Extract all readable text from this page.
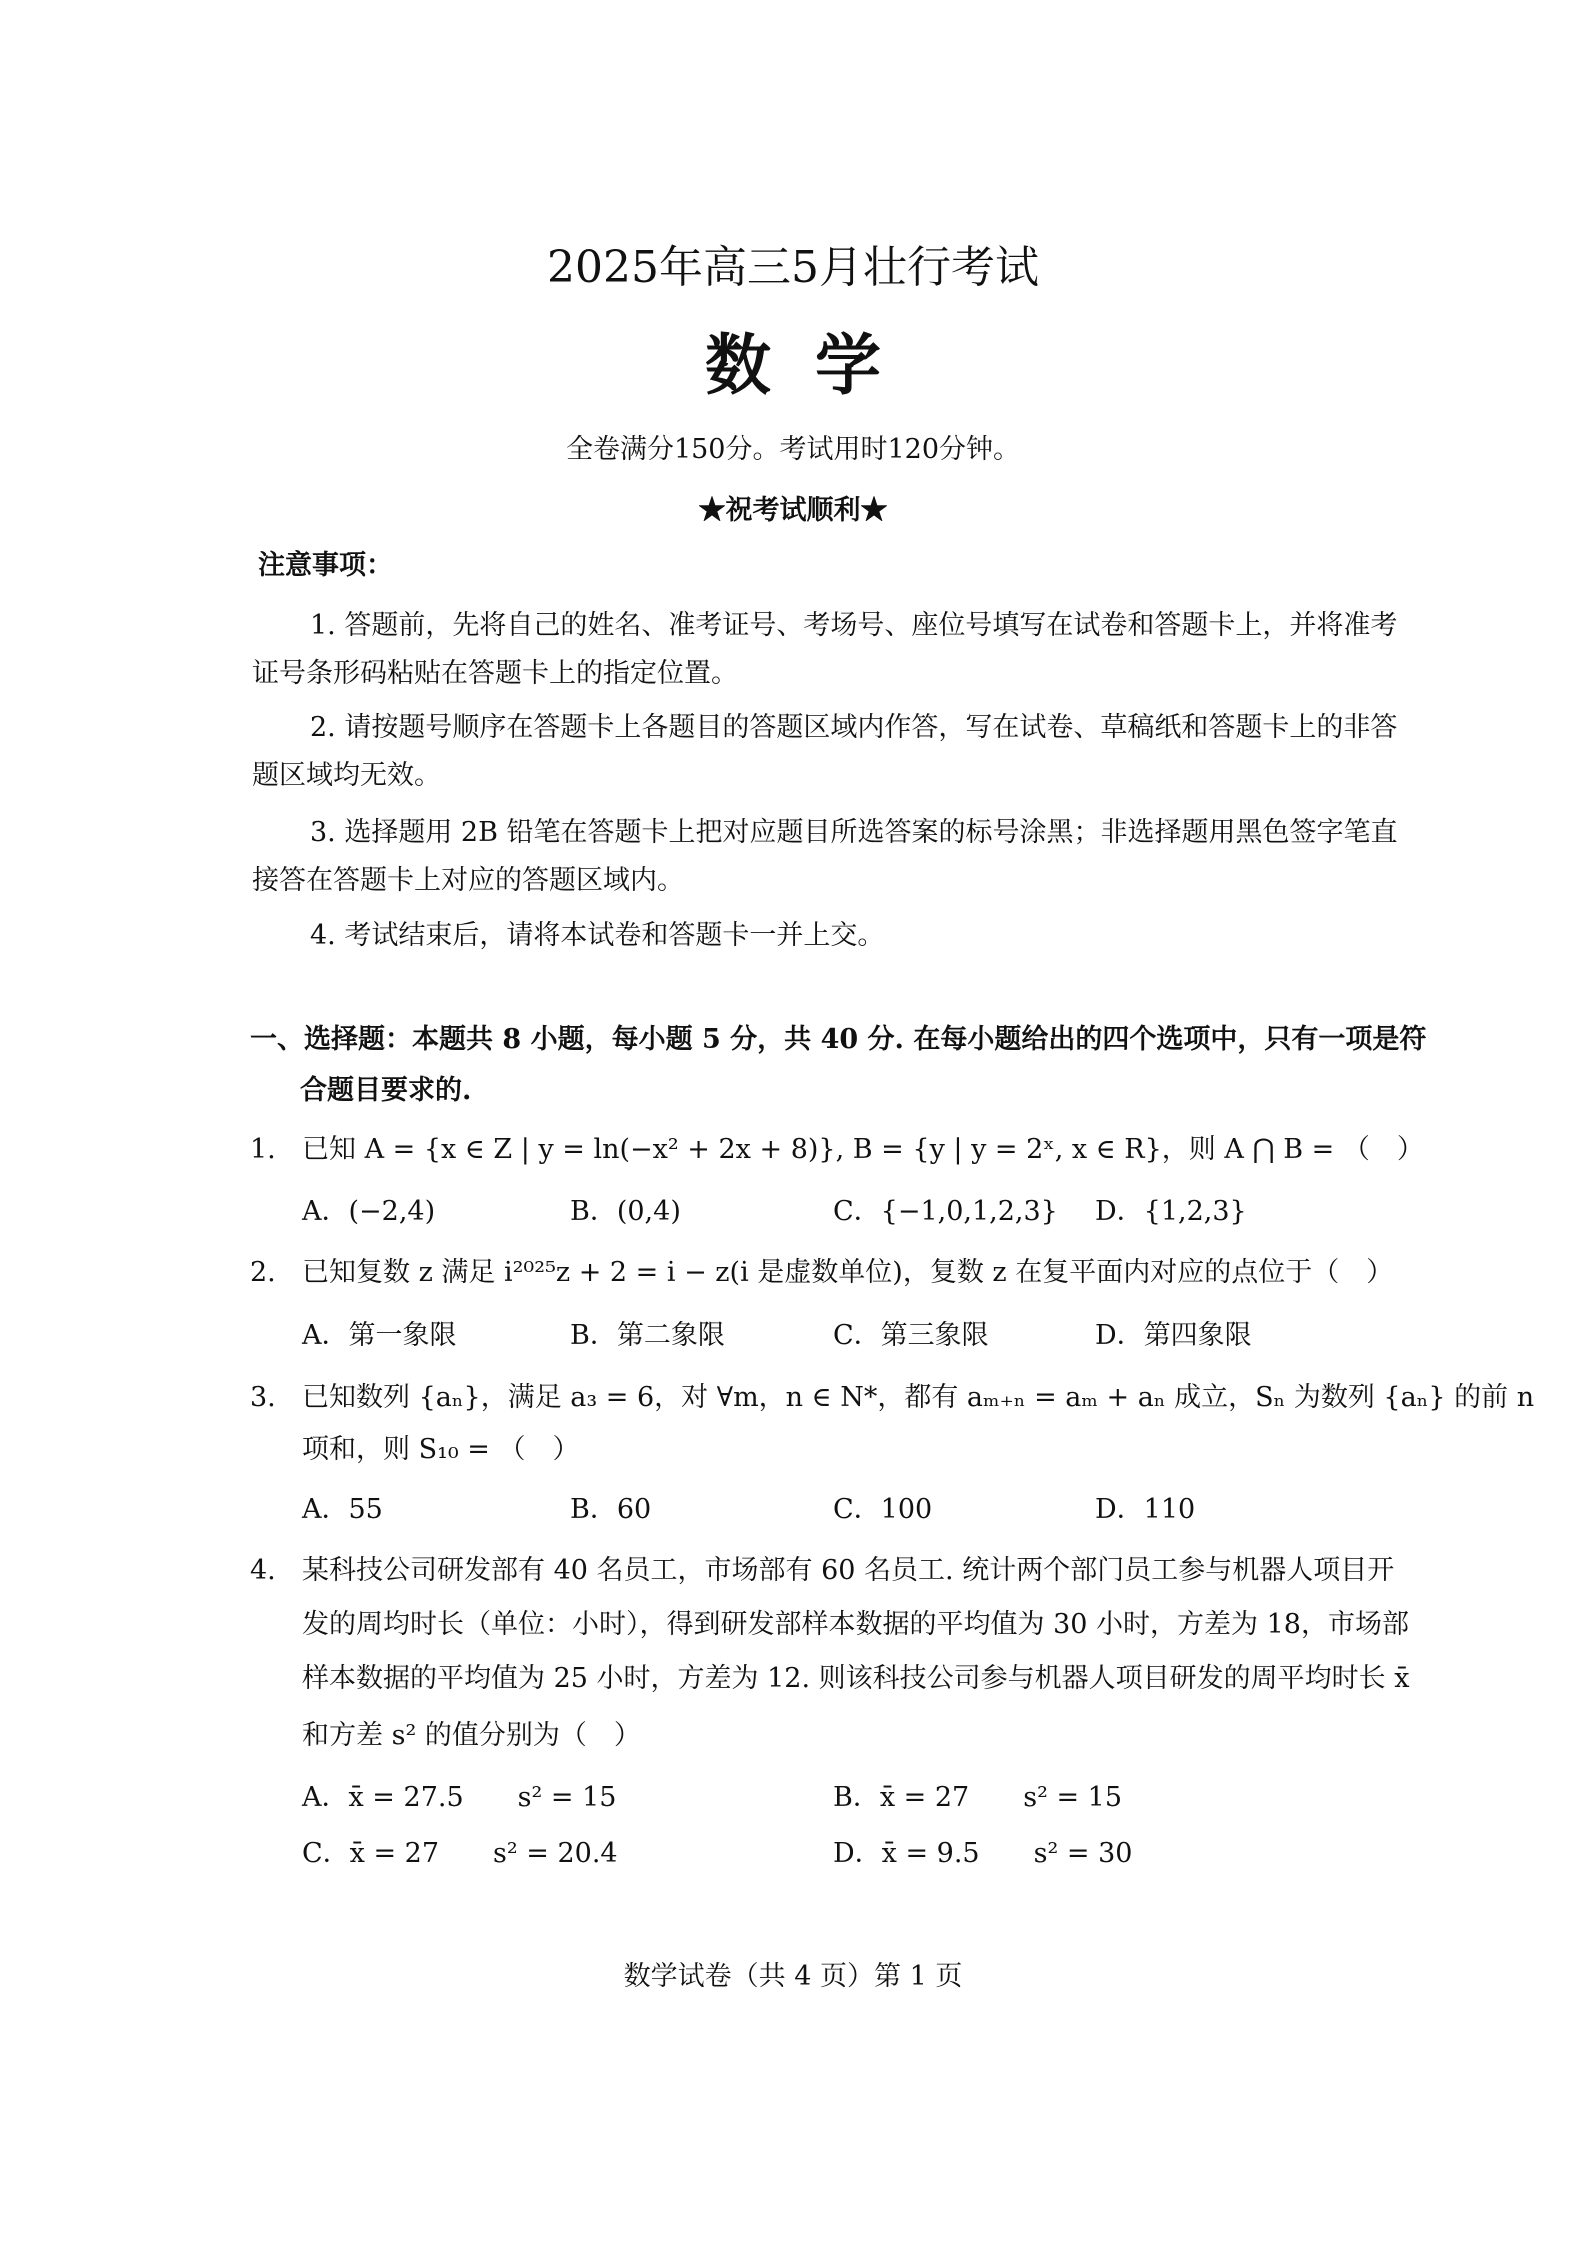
2025年高三5月壮行考试
数学
全卷满分150分。考试用时120分钟。
★祝考试顺利★
注意事项：
1. 答题前，先将自己的姓名、准考证号、考场号、座位号填写在试卷和答题卡上，并将准考
证号条形码粘贴在答题卡上的指定位置。
2. 请按题号顺序在答题卡上各题目的答题区域内作答，写在试卷、草稿纸和答题卡上的非答
题区域均无效。
3. 选择题用 2B 铅笔在答题卡上把对应题目所选答案的标号涂黑；非选择题用黑色签字笔直
接答在答题卡上对应的答题区域内。
4. 考试结束后，请将本试卷和答题卡一并上交。
一、选择题：本题共 8 小题，每小题 5 分，共 40 分. 在每小题给出的四个选项中，只有一项是符
合题目要求的.
1. 已知 A = {x ∈ Z | y = ln(−x² + 2x + 8)}, B = {y | y = 2ˣ, x ∈ R}，则 A ⋂ B = （　）
A．(−2,4)	B．(0,4)	C．{−1,0,1,2,3} D．{1,2,3}
2. 已知复数 z 满足 i²⁰²⁵z + 2 = i − z(i 是虚数单位)，复数 z 在复平面内对应的点位于（　）
A．第一象限	B．第二象限	C．第三象限	D．第四象限
3. 已知数列 {aₙ}，满足 a₃ = 6，对 ∀m，n ∈ N*，都有 aₘ₊ₙ = aₘ + aₙ 成立，Sₙ 为数列 {aₙ} 的前 n
项和，则 S₁₀ = （　）
A．55	B．60	C．100	D．110
4. 某科技公司研发部有 40 名员工，市场部有 60 名员工. 统计两个部门员工参与机器人项目开
发的周均时长（单位：小时），得到研发部样本数据的平均值为 30 小时，方差为 18，市场部
样本数据的平均值为 25 小时，方差为 12. 则该科技公司参与机器人项目研发的周平均时长 x̄
和方差 s² 的值分别为（　）
A．x̄ = 27.5　　s² = 15	B．x̄ = 27　　s² = 15
C．x̄ = 27　　s² = 20.4	D．x̄ = 9.5　　s² = 30
数学试卷（共 4 页）第 1 页
